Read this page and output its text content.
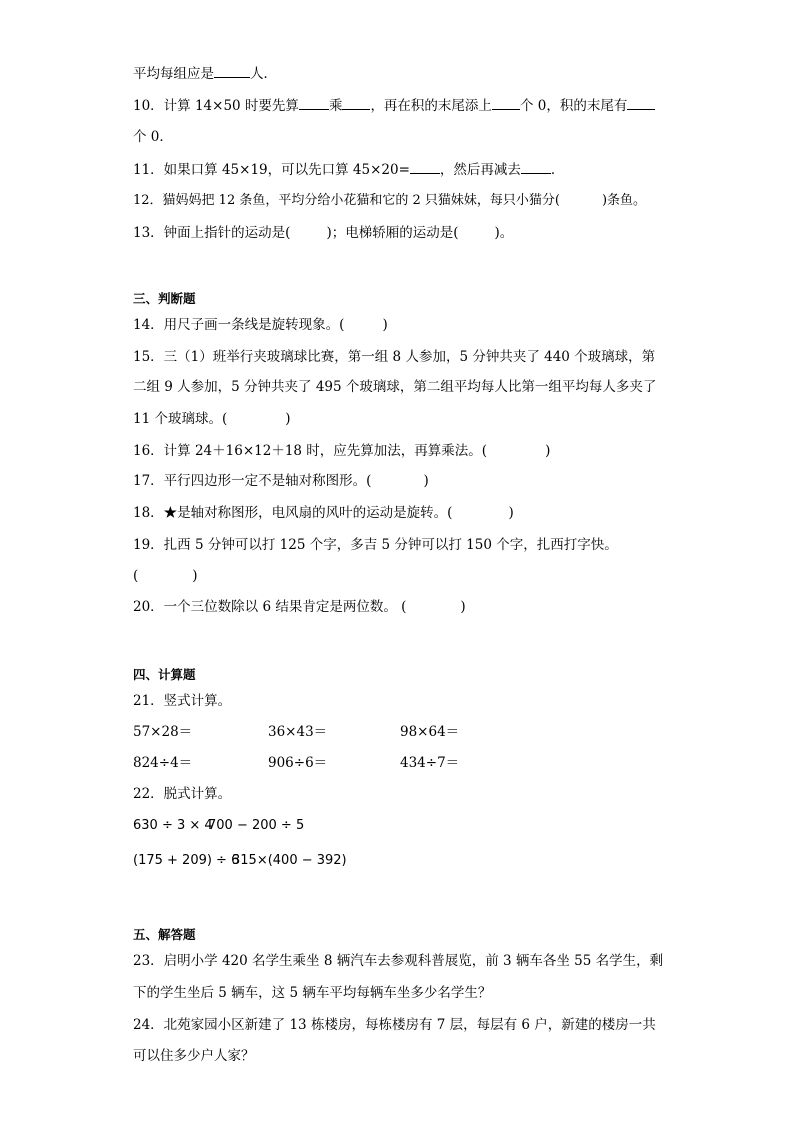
平均每组应是	人．
10．计算 14×50 时要先算 乘 ，再在积的末尾添上 个 0，积的末尾有
个 0．
11．如果口算 45×19，可以先口算 45×20= ，然后再减去 ．
12．猫妈妈把 12 条鱼，平均分给小花猫和它的 2 只猫妹妹，每只小猫分(	)条鱼。
13．钟面上指针的运动是(	)；电梯轿厢的运动是(	)。
三、判断题
14．用尺子画一条线是旋转现象。(	)
15．三（1）班举行夹玻璃球比赛，第一组 8 人参加，5 分钟共夹了 440 个玻璃球，第
二组 9 人参加，5 分钟共夹了 495 个玻璃球，第二组平均每人比第一组平均每人多夹了
11 个玻璃球。(	)
16．计算 24＋16×12＋18 时，应先算加法，再算乘法。(	)
17．平行四边形一定不是轴对称图形。(	)
18．★是轴对称图形，电风扇的风叶的运动是旋转。(	)
19．扎西 5 分钟可以打 125 个字，多吉 5 分钟可以打 150 个字，扎西打字快。
(	)
20．一个三位数除以 6 结果肯定是两位数。 (	)
四、计算题
21．竖式计算。
57×28＝	36×43＝	98×64＝
824÷4＝	906÷6＝	434÷7＝
22．脱式计算。
630 ÷ 3 × 4
700 − 200 ÷ 5
(175 + 209) ÷ 6
315×(400 − 392)
五、解答题
23．启明小学 420 名学生乘坐 8 辆汽车去参观科普展览，前 3 辆车各坐 55 名学生，剩
下的学生坐后 5 辆车，这 5 辆车平均每辆车坐多少名学生？
24．北苑家园小区新建了 13 栋楼房，每栋楼房有 7 层，每层有 6 户，新建的楼房一共
可以住多少户人家？
